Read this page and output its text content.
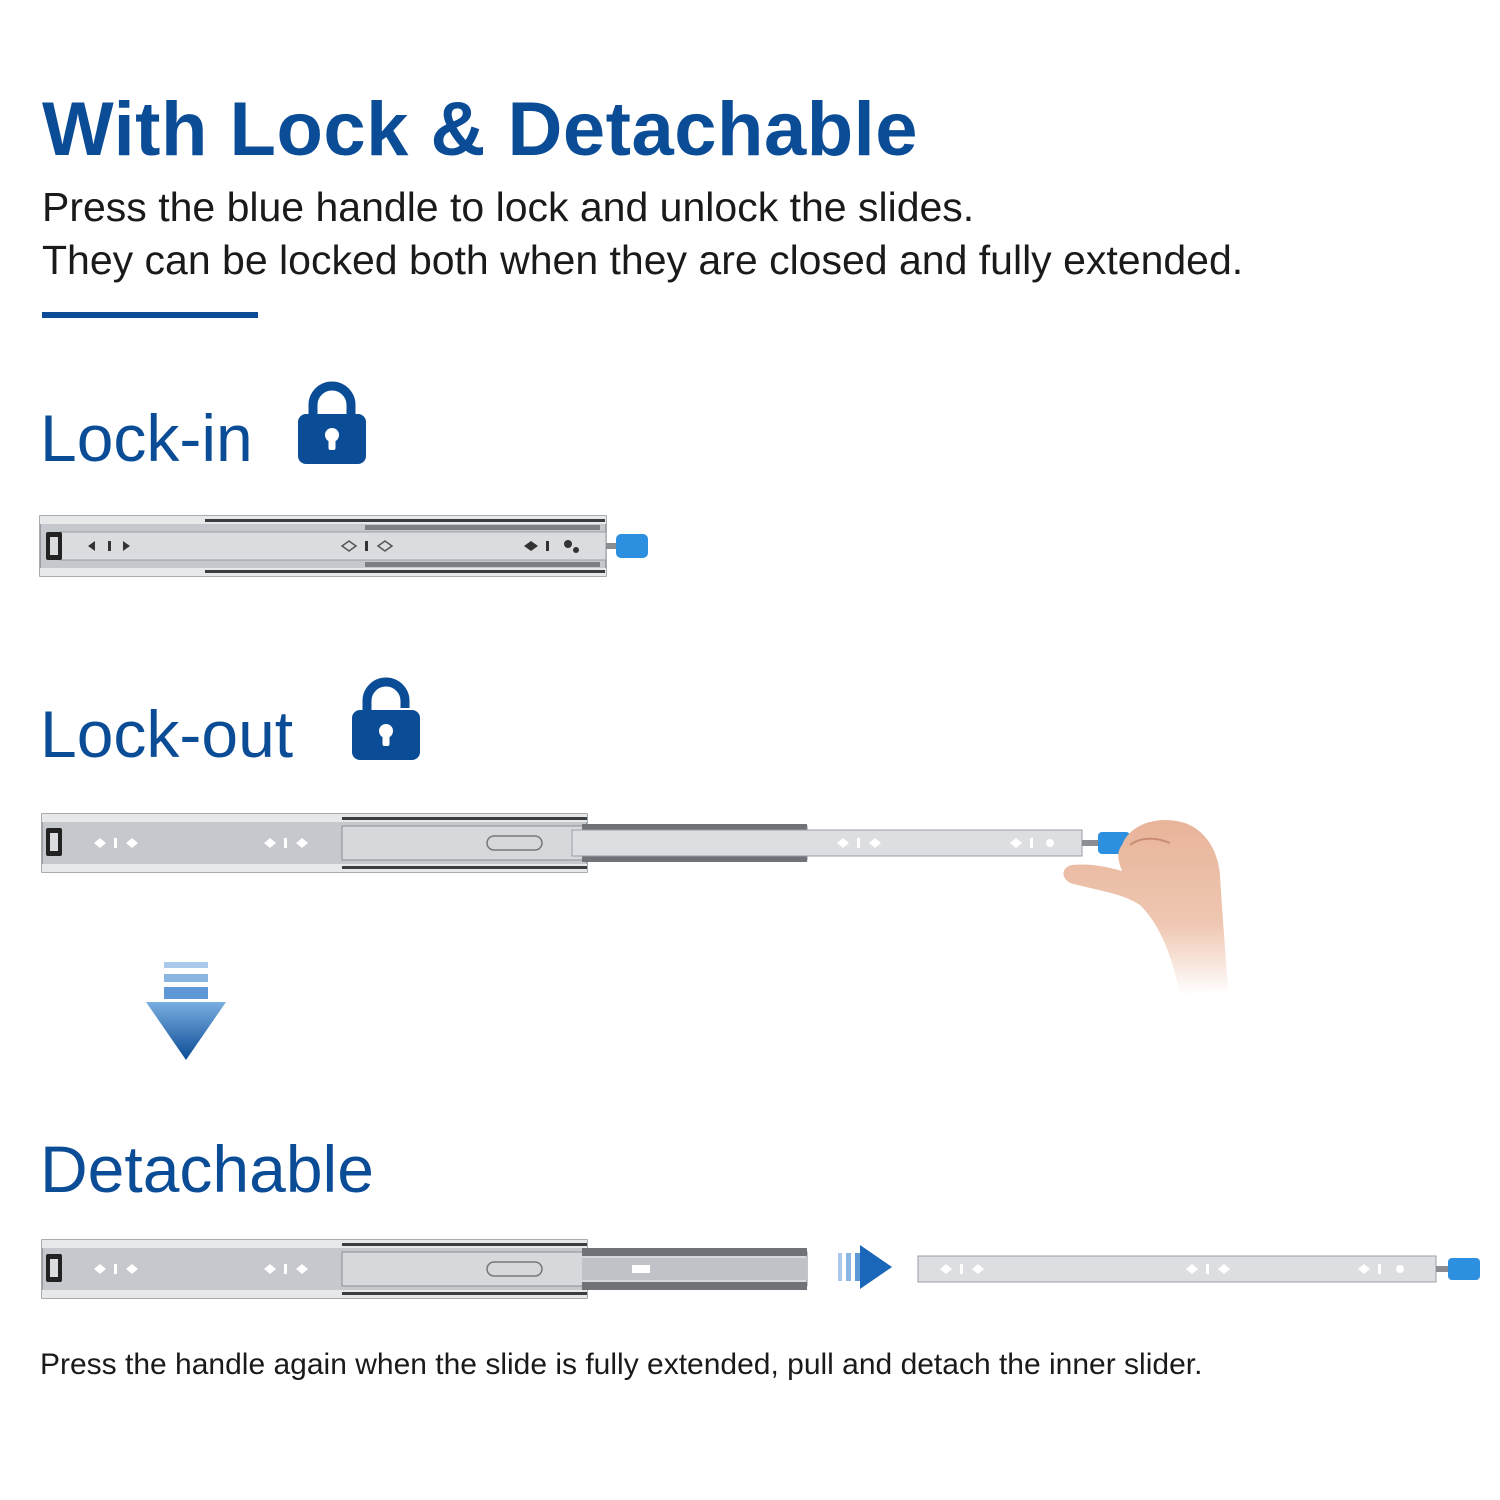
With Lock & Detachable

Press the blue handle to lock and unlock the slides.

They can be locked both when they are closed and fully extended.

Lock-in
Lock-out
Detachable

Press the handle again when the slide is fully extended, pull and detach the inner slider.
